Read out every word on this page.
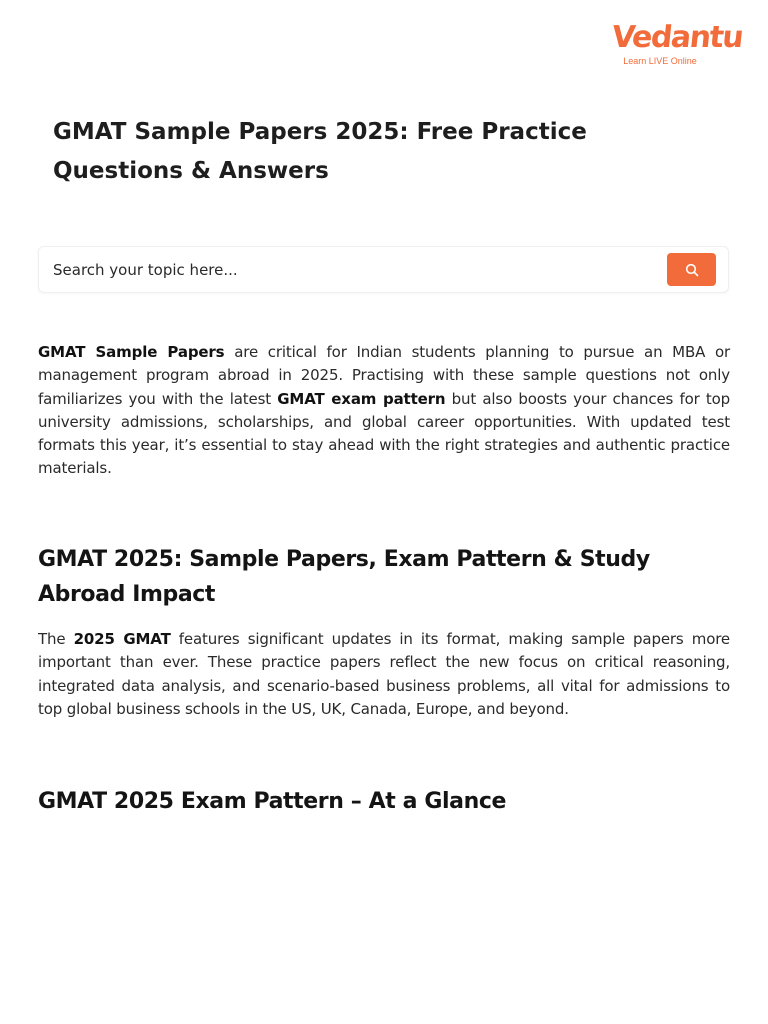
Vedantu
Learn LIVE Online
GMAT Sample Papers 2025: Free Practice Questions & Answers
Search your topic here...

GMAT Sample Papers are critical for Indian students planning to pursue an MBA or management program abroad in 2025. Practising with these sample questions not only familiarizes you with the latest GMAT exam pattern but also boosts your chances for top university admissions, scholarships, and global career opportunities. With updated test formats this year, it’s essential to stay ahead with the right strategies and authentic practice materials.

GMAT 2025: Sample Papers, Exam Pattern & Study Abroad Impact

The 2025 GMAT features significant updates in its format, making sample papers more important than ever. These practice papers reflect the new focus on critical reasoning, integrated data analysis, and scenario-based business problems, all vital for admissions to top global business schools in the US, UK, Canada, Europe, and beyond.

GMAT 2025 Exam Pattern – At a Glance
